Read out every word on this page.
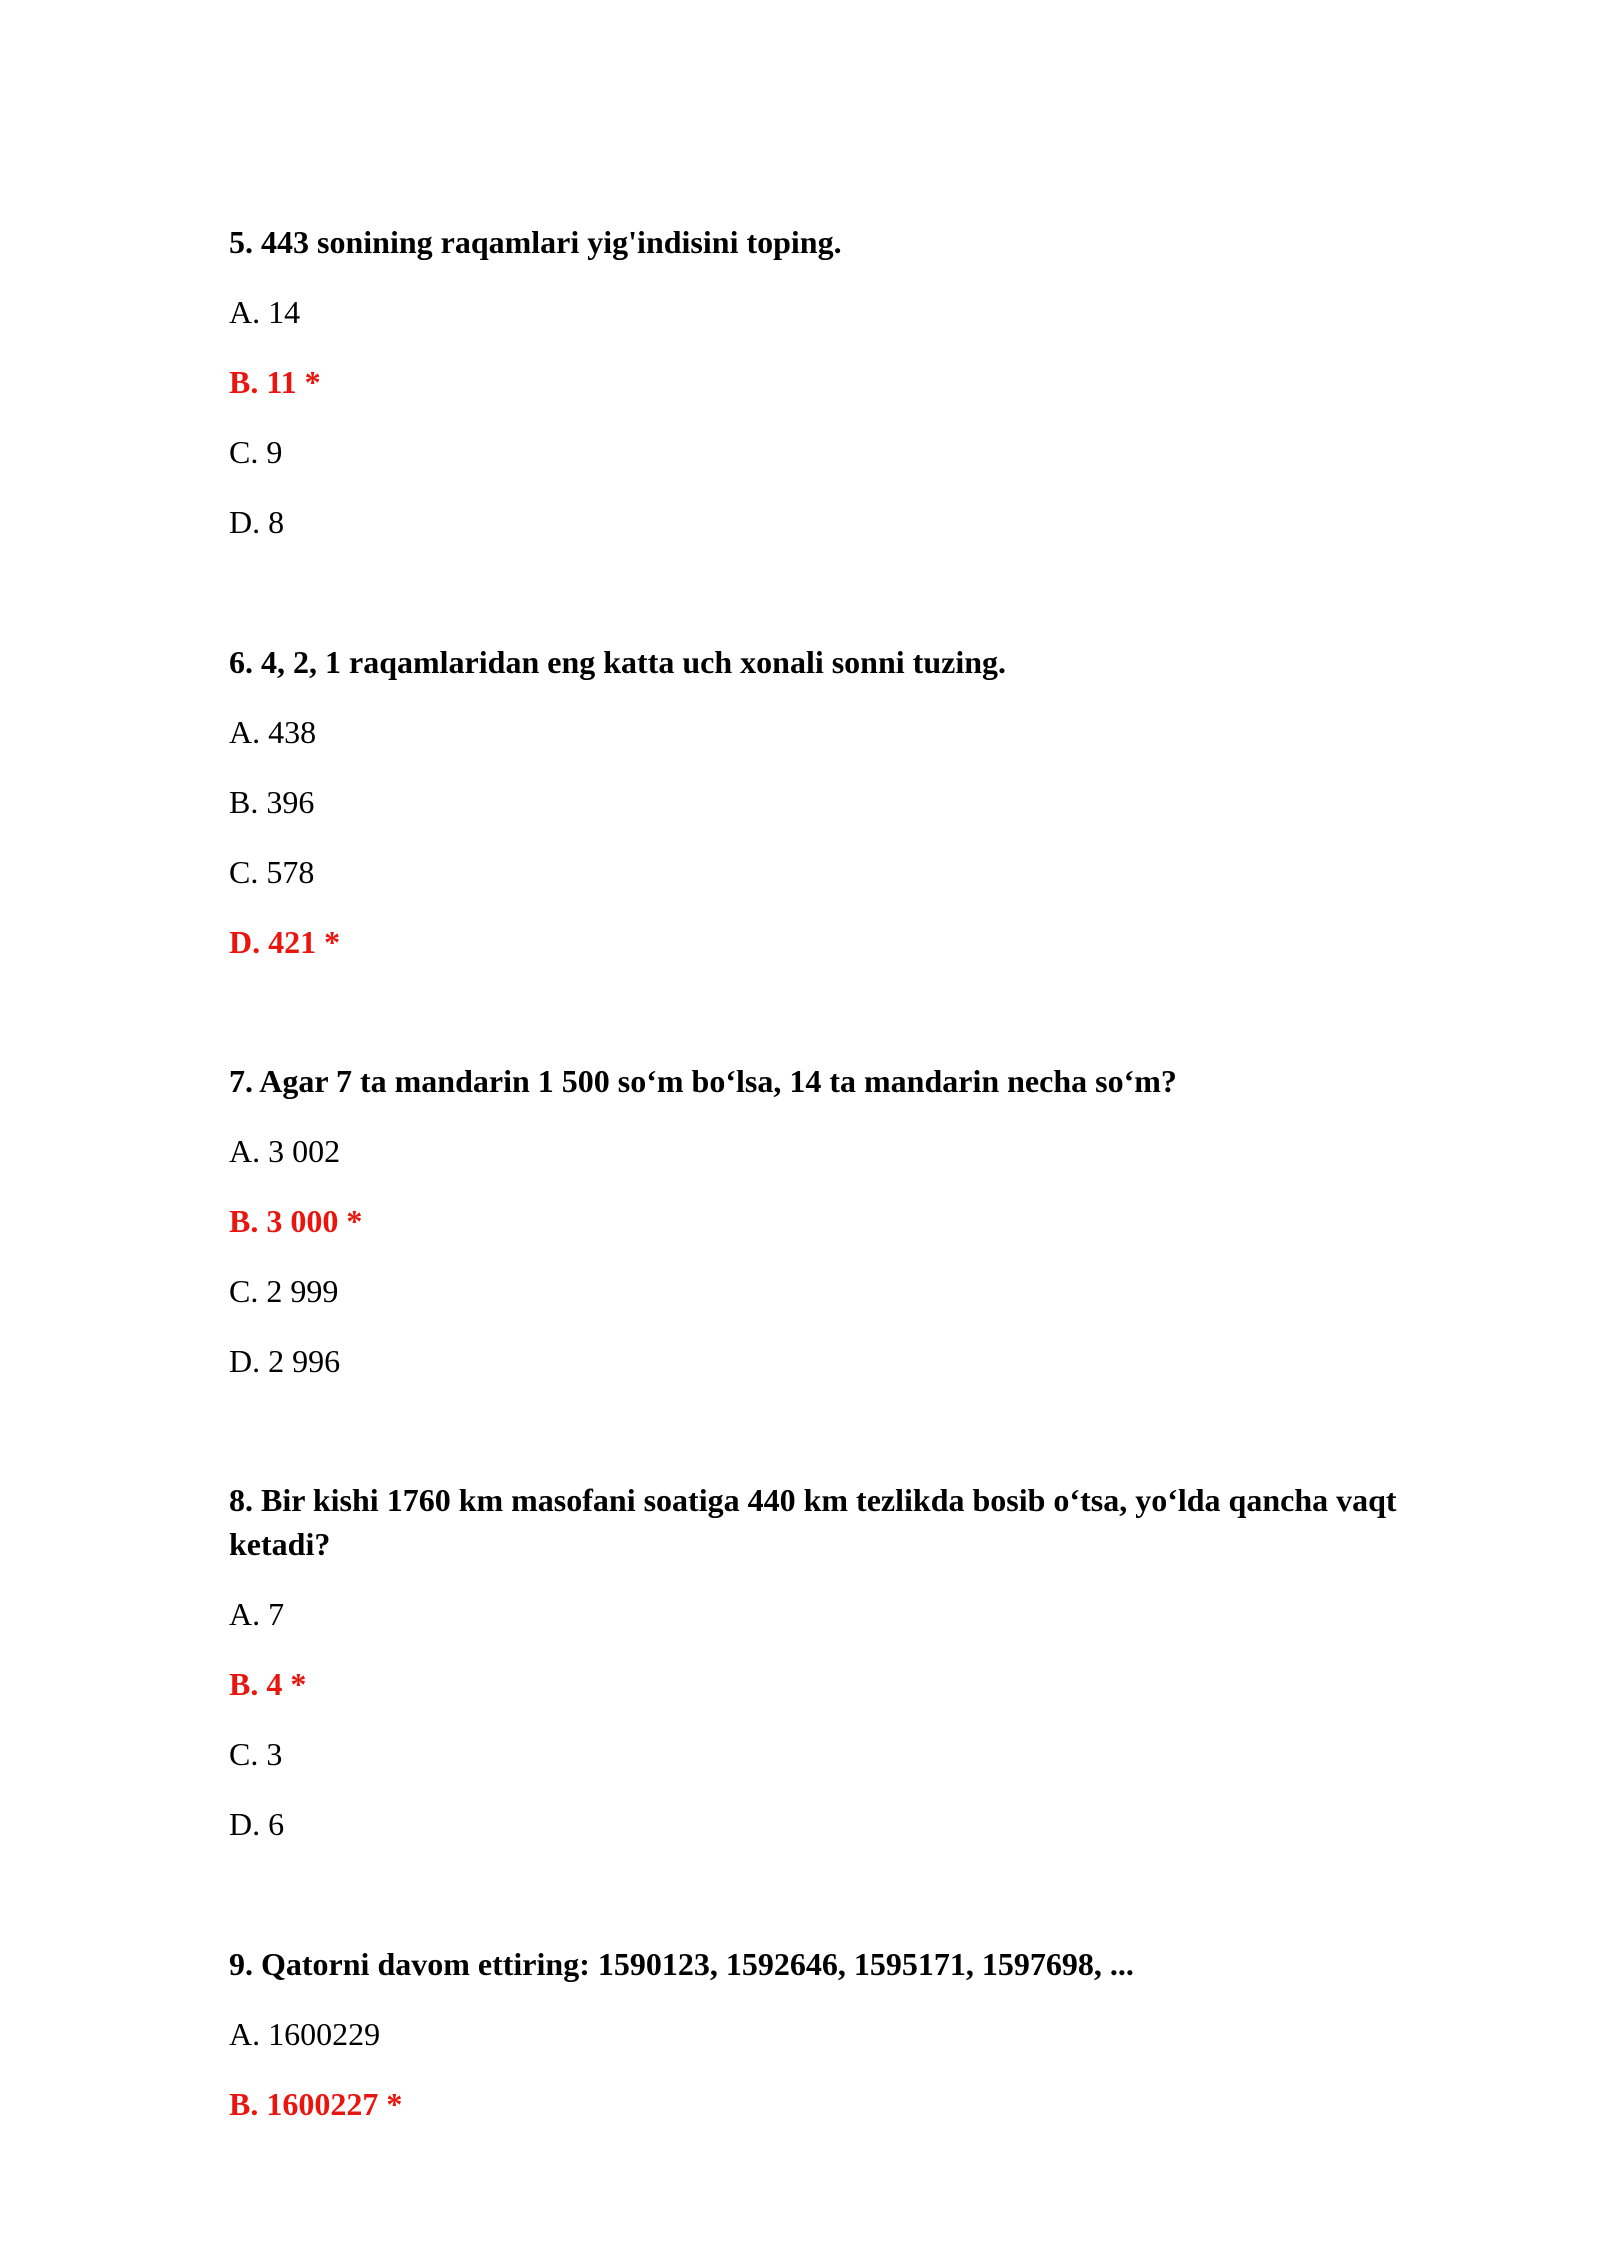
5. 443 sonining raqamlari yig'indisini toping.

A. 14

B. 11 *

C. 9

D. 8

6. 4, 2, 1 raqamlaridan eng katta uch xonali sonni tuzing.

A. 438

B. 396

C. 578

D. 421 *

7. Agar 7 ta mandarin 1 500 so‘m bo‘lsa, 14 ta mandarin necha so‘m?

A. 3 002

B. 3 000 *

C. 2 999

D. 2 996

8. Bir kishi 1760 km masofani soatiga 440 km tezlikda bosib o‘tsa, yo‘lda qancha vaqt ketadi?

A. 7

B. 4 *

C. 3

D. 6

9. Qatorni davom ettiring: 1590123, 1592646, 1595171, 1597698, ...

A. 1600229

B. 1600227 *
